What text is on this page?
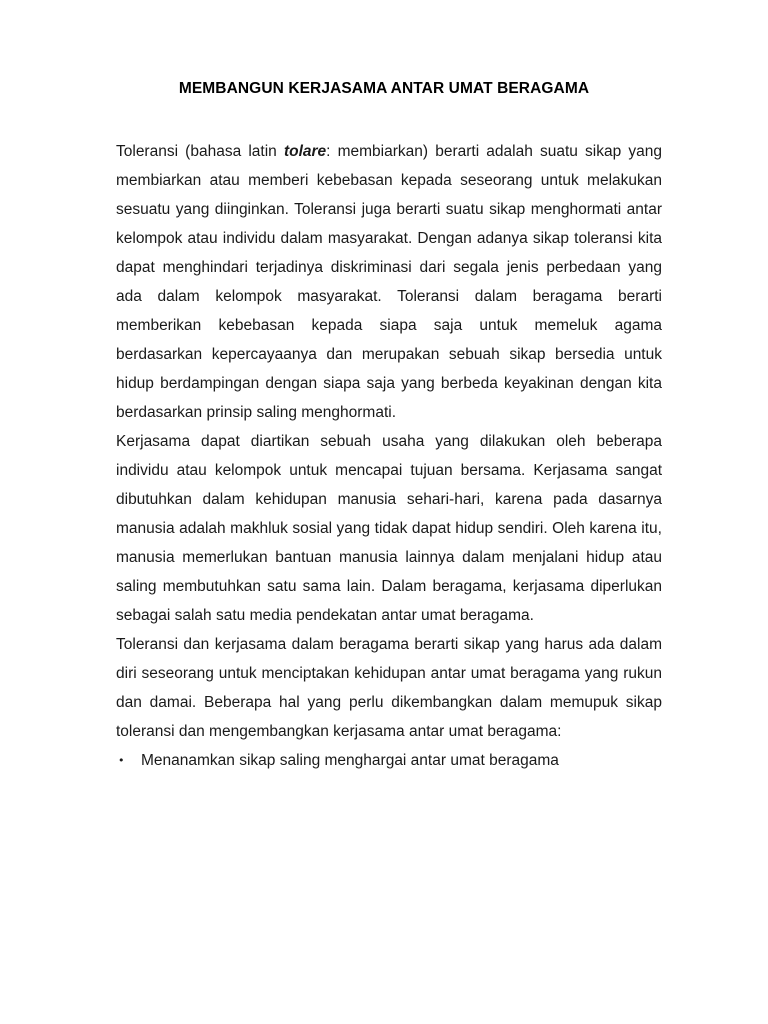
MEMBANGUN KERJASAMA ANTAR UMAT BERAGAMA

Toleransi (bahasa latin tolare: membiarkan) berarti adalah suatu sikap yang membiarkan atau memberi kebebasan kepada seseorang untuk melakukan sesuatu yang diinginkan. Toleransi juga berarti suatu sikap menghormati antar kelompok atau individu dalam masyarakat. Dengan adanya sikap toleransi kita dapat menghindari terjadinya diskriminasi dari segala jenis perbedaan yang ada dalam kelompok masyarakat. Toleransi dalam beragama berarti memberikan kebebasan kepada siapa saja untuk memeluk agama berdasarkan kepercayaanya dan merupakan sebuah sikap bersedia untuk hidup berdampingan dengan siapa saja yang berbeda keyakinan dengan kita berdasarkan prinsip saling menghormati.

Kerjasama dapat diartikan sebuah usaha yang dilakukan oleh beberapa individu atau kelompok untuk mencapai tujuan bersama. Kerjasama sangat dibutuhkan dalam kehidupan manusia sehari-hari, karena pada dasarnya manusia adalah makhluk sosial yang tidak dapat hidup sendiri. Oleh karena itu, manusia memerlukan bantuan manusia lainnya dalam menjalani hidup atau saling membutuhkan satu sama lain. Dalam beragama, kerjasama diperlukan sebagai salah satu media pendekatan antar umat beragama.

Toleransi dan kerjasama dalam beragama berarti sikap yang harus ada dalam diri seseorang untuk menciptakan kehidupan antar umat beragama yang rukun dan damai. Beberapa hal yang perlu dikembangkan dalam memupuk sikap toleransi dan mengembangkan kerjasama antar umat beragama:

• Menanamkan sikap saling menghargai antar umat beragama
